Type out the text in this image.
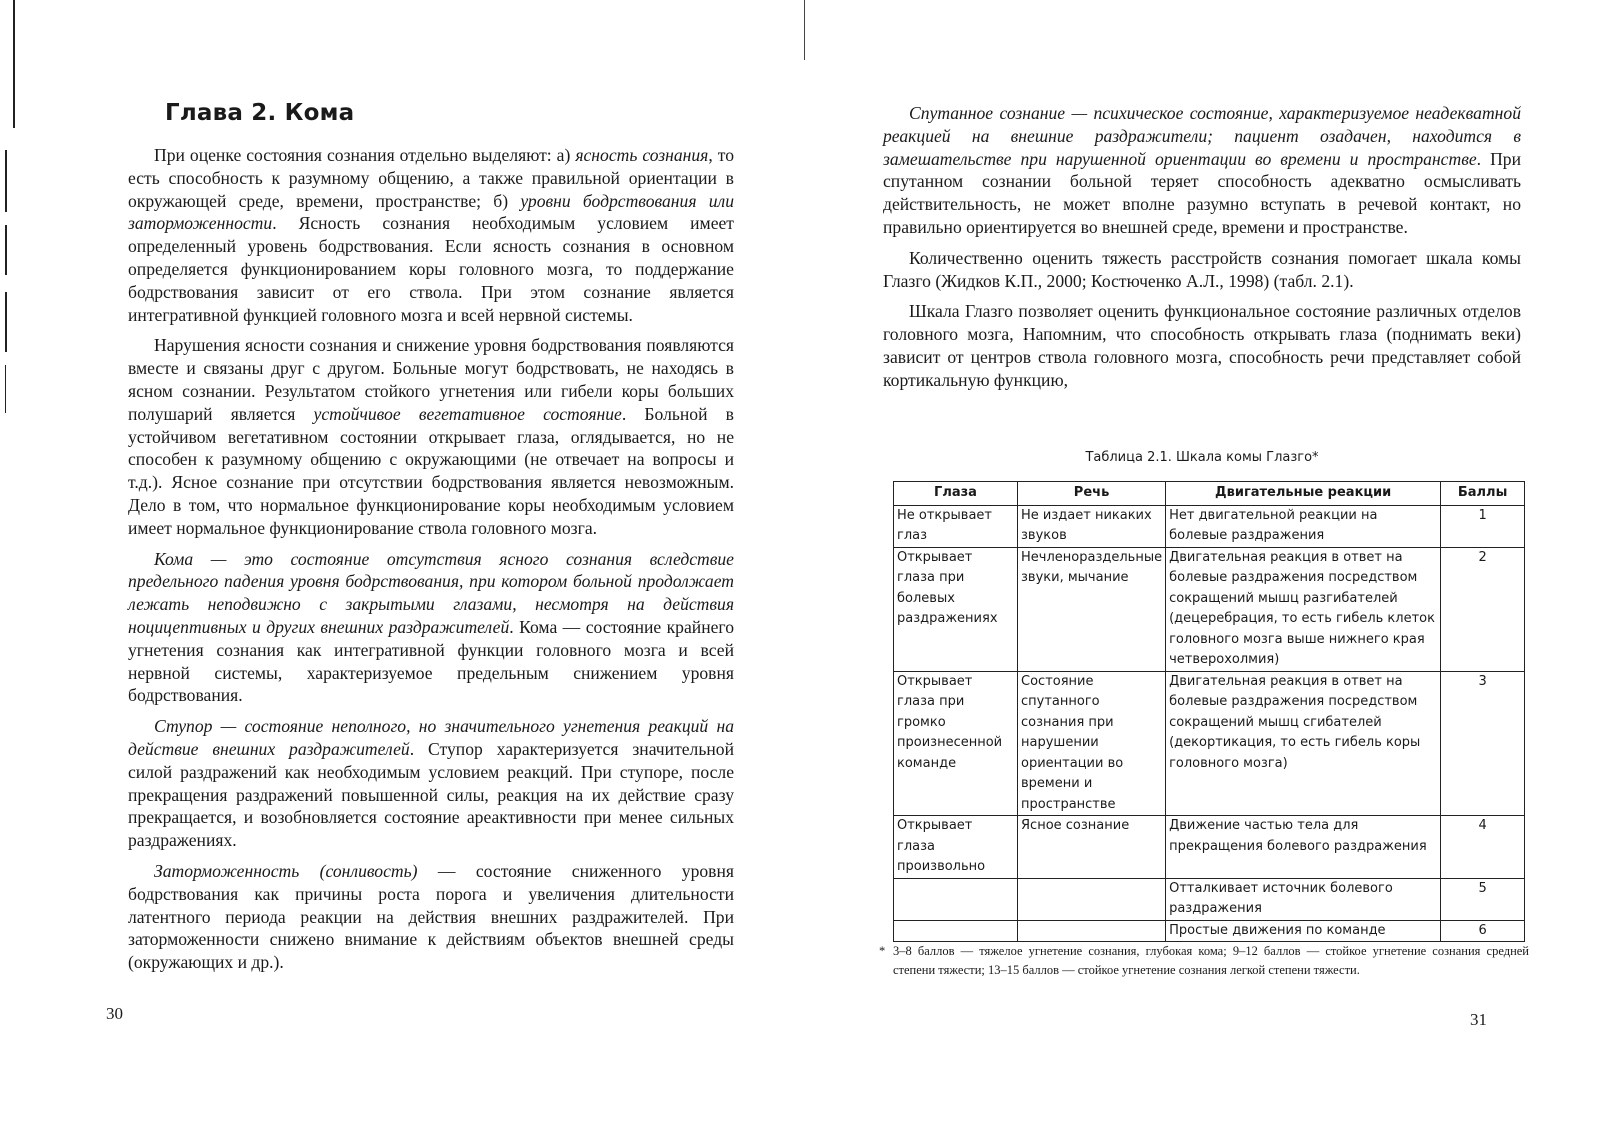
Глава 2. Кома

При оценке состояния сознания отдельно выделяют: а) ясность сознания, то есть способность к разумному общению, а также правильной ориентации в окружающей среде, времени, пространстве; б) уровни бодрствования или заторможенности. Ясность сознания необходимым условием имеет определенный уровень бодрствования. Если ясность сознания в основном определяется функционированием коры головного мозга, то поддержание бодрствования зависит от его ствола. При этом сознание является интегративной функцией головного мозга и всей нервной системы.

Нарушения ясности сознания и снижение уровня бодрствования появляются вместе и связаны друг с другом. Больные могут бодрствовать, не находясь в ясном сознании. Результатом стойкого угнетения или гибели коры больших полушарий является устойчивое вегетативное состояние. Больной в устойчивом вегетативном состоянии открывает глаза, оглядывается, но не способен к разумному общению с окружающими (не отвечает на вопросы и т.д.). Ясное сознание при отсутствии бодрствования является невозможным. Дело в том, что нормальное функционирование коры необходимым условием имеет нормальное функционирование ствола головного мозга.

Кома — это состояние отсутствия ясного сознания вследствие предельного падения уровня бодрствования, при котором больной продолжает лежать неподвижно с закрытыми глазами, несмотря на действия ноцицептивных и других внешних раздражителей. Кома — состояние крайнего угнетения сознания как интегративной функции головного мозга и всей нервной системы, характеризуемое предельным снижением уровня бодрствования.

Ступор — состояние неполного, но значительного угнетения реакций на действие внешних раздражителей. Ступор характеризуется значительной силой раздражений как необходимым условием реакций. При ступоре, после прекращения раздражений повышенной силы, реакция на их действие сразу прекращается, и возобновляется состояние ареактивности при менее сильных раздражениях.

Заторможенность (сонливость) — состояние сниженного уровня бодрствования как причины роста порога и увеличения длительности латентного периода реакции на действия внешних раздражителей. При заторможенности снижено внимание к действиям объектов внешней среды (окружающих и др.).

30

Спутанное сознание — психическое состояние, характеризуемое неадекватной реакцией на внешние раздражители; пациент озадачен, находится в замешательстве при нарушенной ориентации во времени и пространстве. При спутанном сознании больной теряет способность адекватно осмысливать действительность, не может вполне разумно вступать в речевой контакт, но правильно ориентируется во внешней среде, времени и пространстве.

Количественно оценить тяжесть расстройств сознания помогает шкала комы Глазго (Жидков К.П., 2000; Костюченко А.Л., 1998) (табл. 2.1).

Шкала Глазго позволяет оценить функциональное состояние различных отделов головного мозга, Напомним, что способность открывать глаза (поднимать веки) зависит от центров ствола головного мозга, способность речи представляет собой кортикальную функцию,

Таблица 2.1. Шкала комы Глазго*
Глаза	Речь	Двигательные реакции	Баллы
Не открывает глаз	Не издает никаких звуков	Нет двигательной реакции на болевые раздражения	1
Открывает глаза при болевых раздражениях	Нечленораздельные звуки, мычание	Двигательная реакция в ответ на болевые раздражения посредством сокращений мышц разгибателей (децеребрация, то есть гибель клеток головного мозга выше нижнего края четверохолмия)	2
Открывает глаза при громко произнесенной команде	Состояние спутанного сознания при нарушении ориентации во времени и пространстве	Двигательная реакция в ответ на болевые раздражения посредством сокращений мышц сгибателей (декортикация, то есть гибель коры головного мозга)	3
Открывает глаза произвольно	Ясное сознание	Движение частью тела для прекращения болевого раздражения	4
		Отталкивает источник болевого раздражения	5
		Простые движения по команде	6
* 3–8 баллов — тяжелое угнетение сознания, глубокая кома; 9–12 баллов — стойкое угнетение сознания средней степени тяжести; 13–15 баллов — стойкое угнетение сознания легкой степени тяжести.
31
